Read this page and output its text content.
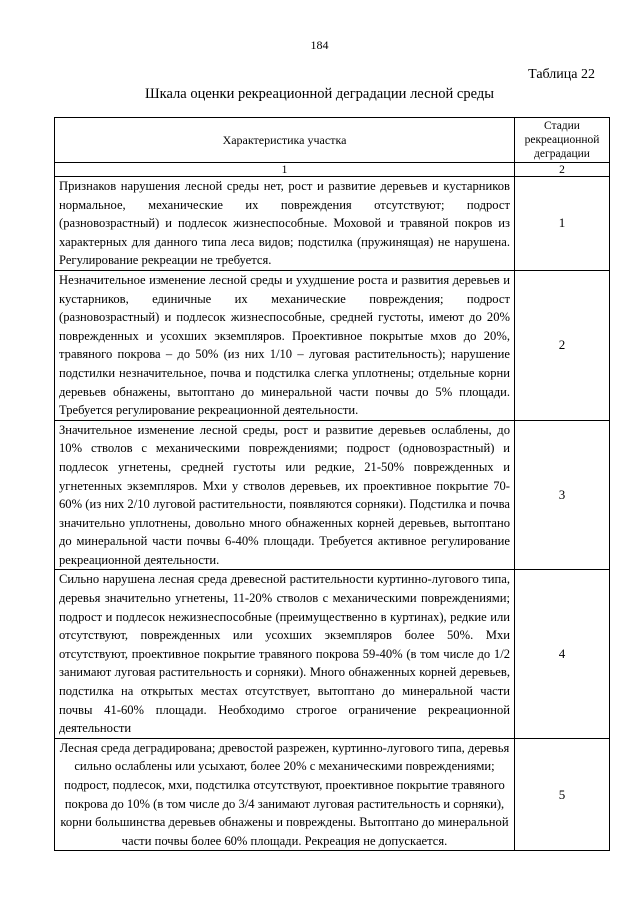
184
Таблица 22
Шкала оценки рекреационной деградации лесной среды
Характеристика участка	Стадии рекреационной деградации
1	2
Признаков нарушения лесной среды нет, рост и развитие деревьев и кустарников нормальное, механические их повреждения отсутствуют; подрост (разновозрастный) и подлесок жизнеспособные. Моховой и травяной покров из характерных для данного типа леса видов; подстилка (пружинящая) не нарушена. Регулирование рекреации не требуется.	1
Незначительное изменение лесной среды и ухудшение роста и развития деревьев и кустарников, единичные их механические повреждения; подрост (разновозрастный) и подлесок жизнеспособные, средней густоты, имеют до 20% поврежденных и усохших экземпляров. Проективное покрытые мхов до 20%, травяного покрова – до 50% (из них 1/10 – луговая растительность); нарушение подстилки незначительное, почва и подстилка слегка уплотнены; отдельные корни деревьев обнажены, вытоптано до минеральной части почвы до 5% площади. Требуется регулирование рекреационной деятельности.	2
Значительное изменение лесной среды, рост и развитие деревьев ослаблены, до 10% стволов с механическими повреждениями; подрост (одновозрастный) и подлесок угнетены, средней густоты или редкие, 21-50% поврежденных и угнетенных экземпляров. Мхи у стволов деревьев, их проективное покрытие 70-60% (из них 2/10 луговой растительности, появляются сорняки). Подстилка и почва значительно уплотнены, довольно много обнаженных корней деревьев, вытоптано до минеральной части почвы 6-40% площади. Требуется активное регулирование рекреационной деятельности.	3
Сильно нарушена лесная среда древесной растительности куртинно-лугового типа, деревья значительно угнетены, 11-20% стволов с механическими повреждениями; подрост и подлесок нежизнеспособные (преимущественно в куртинах), редкие или отсутствуют, поврежденных или усохших экземпляров более 50%. Мхи отсутствуют, проективное покрытие травяного покрова 59-40% (в том числе до 1/2 занимают луговая растительность и сорняки). Много обнаженных корней деревьев, подстилка на открытых местах отсутствует, вытоптано до минеральной части почвы 41-60% площади. Необходимо строгое ограничение рекреационной деятельности	4
Лесная среда деградирована; древостой разрежен, куртинно-лугового типа, деревья сильно ослаблены или усыхают, более 20% с механическими повреждениями; подрост, подлесок, мхи, подстилка отсутствуют, проективное покрытие травяного покрова до 10% (в том числе до 3/4 занимают луговая растительность и сорняки), корни большинства деревьев обнажены и повреждены. Вытоптано до минеральной части почвы более 60% площади. Рекреация не допускается.	5
